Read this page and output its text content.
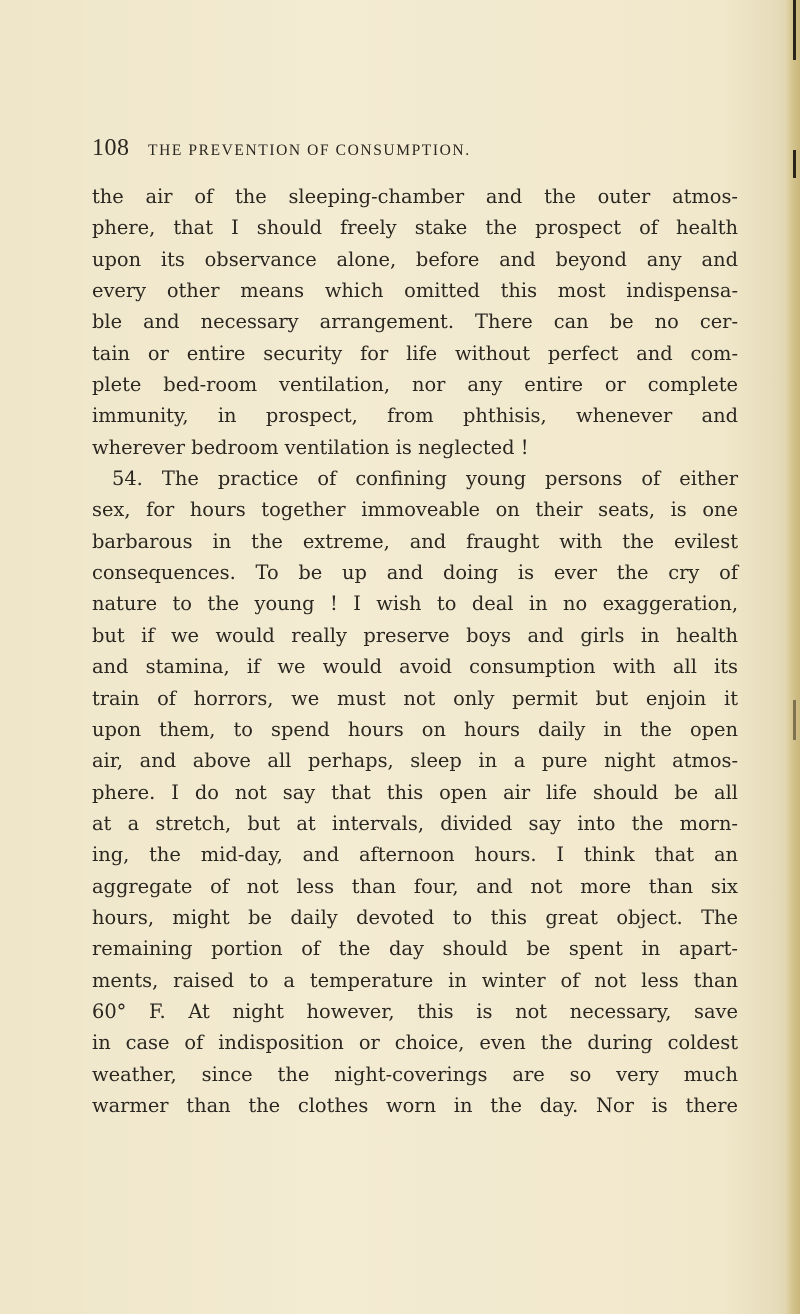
108 THE PREVENTION OF CONSUMPTION.
the air of the sleeping-chamber and the outer atmos-
phere, that I should freely stake the prospect of health
upon its observance alone, before and beyond any and
every other means which omitted this most indispensa-
ble and necessary arrangement. There can be no cer-
tain or entire security for life without perfect and com-
plete bed-room ventilation, nor any entire or complete
immunity, in prospect, from phthisis, whenever and
wherever bedroom ventilation is neglected !
54. The practice of confining young persons of either
sex, for hours together immoveable on their seats, is one
barbarous in the extreme, and fraught with the evilest
consequences. To be up and doing is ever the cry of
nature to the young ! I wish to deal in no exaggeration,
but if we would really preserve boys and girls in health
and stamina, if we would avoid consumption with all its
train of horrors, we must not only permit but enjoin it
upon them, to spend hours on hours daily in the open
air, and above all perhaps, sleep in a pure night atmos-
phere. I do not say that this open air life should be all
at a stretch, but at intervals, divided say into the morn-
ing, the mid-day, and afternoon hours. I think that an
aggregate of not less than four, and not more than six
hours, might be daily devoted to this great object. The
remaining portion of the day should be spent in apart-
ments, raised to a temperature in winter of not less than
60° F. At night however, this is not necessary, save
in case of indisposition or choice, even the during coldest
weather, since the night-coverings are so very much
warmer than the clothes worn in the day. Nor is there
